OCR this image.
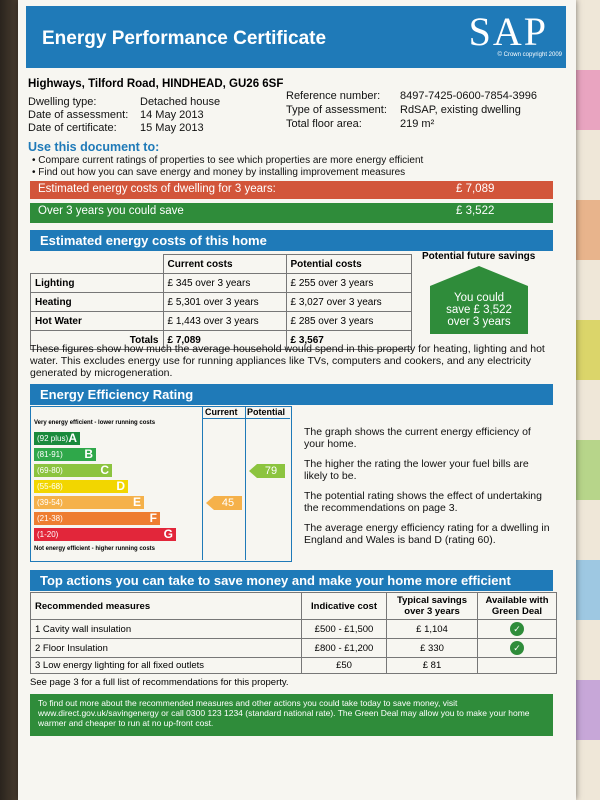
Energy Performance Certificate	SAP
© Crown copyright 2009
Highways, Tilford Road, HINDHEAD, GU26 6SF
Dwelling type:	Detached house
Date of assessment: 14 May 2013
Date of certificate: 15 May 2013
Reference number: 8497-7425-0600-7854-3996
Type of assessment: RdSAP, existing dwelling
Total floor area:	219 m²
Use this document to:
• Compare current ratings of properties to see which properties are more energy efficient
• Find out how you can save energy and money by installing improvement measures
Estimated energy costs of dwelling for 3 years:	£ 7,089
Over 3 years you could save	£ 3,522
Estimated energy costs of this home
	Current costs	Potential costs
Lighting	£ 345 over 3 years	£ 255 over 3 years
Heating	£ 5,301 over 3 years	£ 3,027 over 3 years
Hot Water	£ 1,443 over 3 years	£ 285 over 3 years
Totals	£ 7,089	£ 3,567
Potential future savings
You could
save £ 3,522
over 3 years
These figures show how much the average household would spend in this property for heating, lighting and hot water. This excludes energy use for running appliances like TVs, computers and cookers, and any electricity generated by microgeneration.
Energy Efficiency Rating
Current Potential
Very energy efficient - lower running costs
Not energy efficient - higher running costs
(92 plus) A
(81-91) B
(69-80)	C
(55-68)	D
(39-54)	E
(21-38)	F
(1-20)	G
45
79
The graph shows the current energy efficiency of your home.
The higher the rating the lower your fuel bills are likely to be.
The potential rating shows the effect of undertaking the recommendations on page 3.
The average energy efficiency rating for a dwelling in England and Wales is band D (rating 60).
Top actions you can take to save money and make your home more efficient
Recommended measures	Indicative cost	Typical savings over 3 years	Available with Green Deal
1 Cavity wall insulation	£500 - £1,500	£ 1,104	✓
2 Floor Insulation	£800 - £1,200	£ 330	✓
3 Low energy lighting for all fixed outlets	£50	£ 81	
See page 3 for a full list of recommendations for this property.
To find out more about the recommended measures and other actions you could take today to save money, visit www.direct.gov.uk/savingenergy or call 0300 123 1234 (standard national rate). The Green Deal may allow you to make your home warmer and cheaper to run at no up-front cost.
